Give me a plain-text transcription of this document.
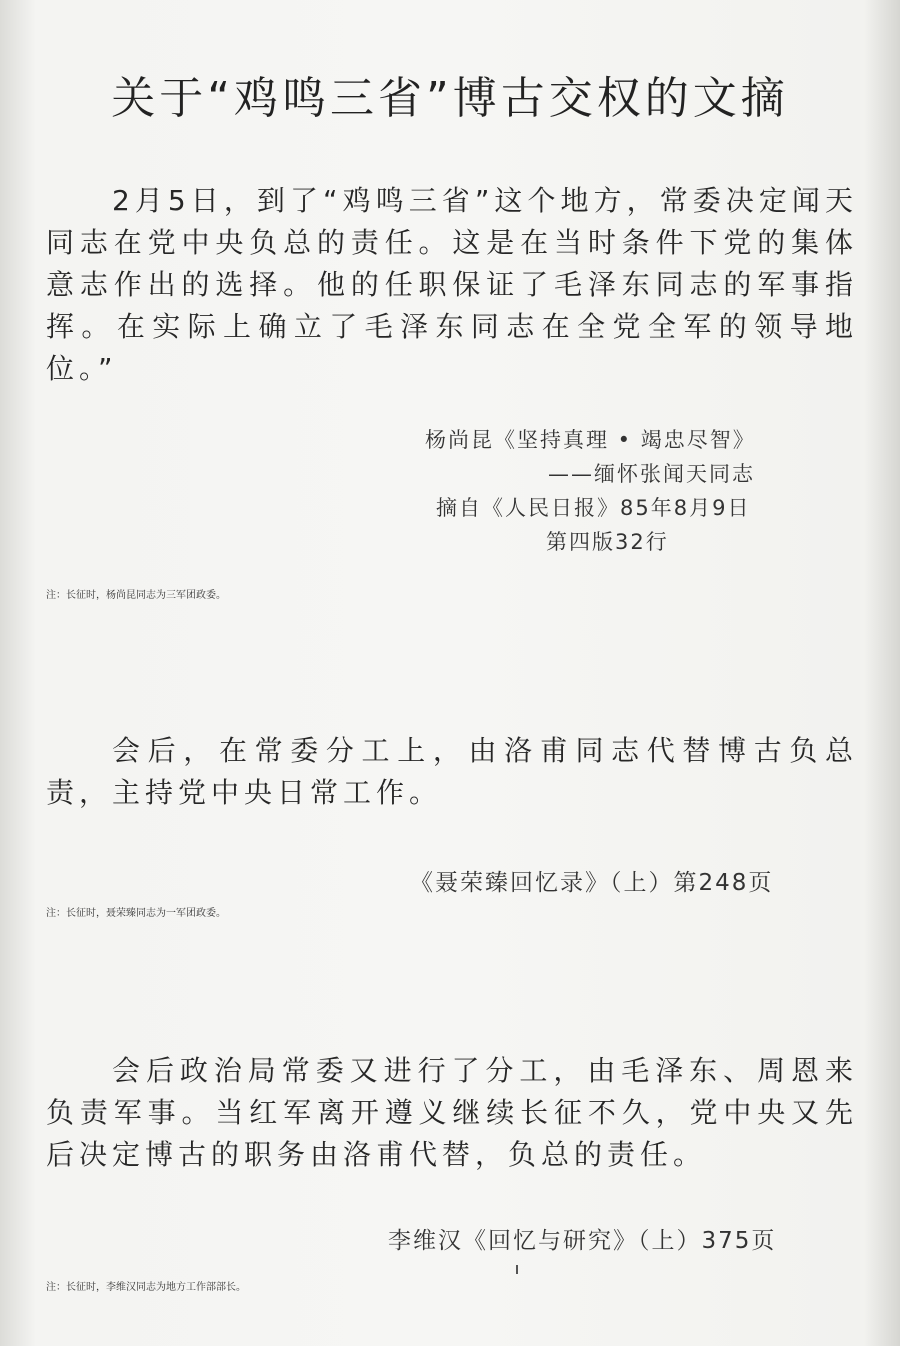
关于“鸡鸣三省”博古交权的文摘

2月5日，到了“鸡鸣三省”这个地方，常委决定闻天同志在党中央负总的责任。这是在当时条件下党的集体意志作出的选择。他的任职保证了毛泽东同志的军事指挥。在实际上确立了毛泽东同志在全党全军的领导地位。”

杨尚昆《坚持真理 • 竭忠尽智》
——缅怀张闻天同志
摘自《人民日报》85年8月9日
第四版32行
注：长征时，杨尚昆同志为三军团政委。

会后，在常委分工上，由洛甫同志代替博古负总责，主持党中央日常工作。

《聂荣臻回忆录》（上）第248页
注：长征时，聂荣臻同志为一军团政委。

会后政治局常委又进行了分工，由毛泽东、周恩来负责军事。当红军离开遵义继续长征不久，党中央又先后决定博古的职务由洛甫代替，负总的责任。

李维汉《回忆与研究》（上）375页
注：长征时，李维汉同志为地方工作部部长。
